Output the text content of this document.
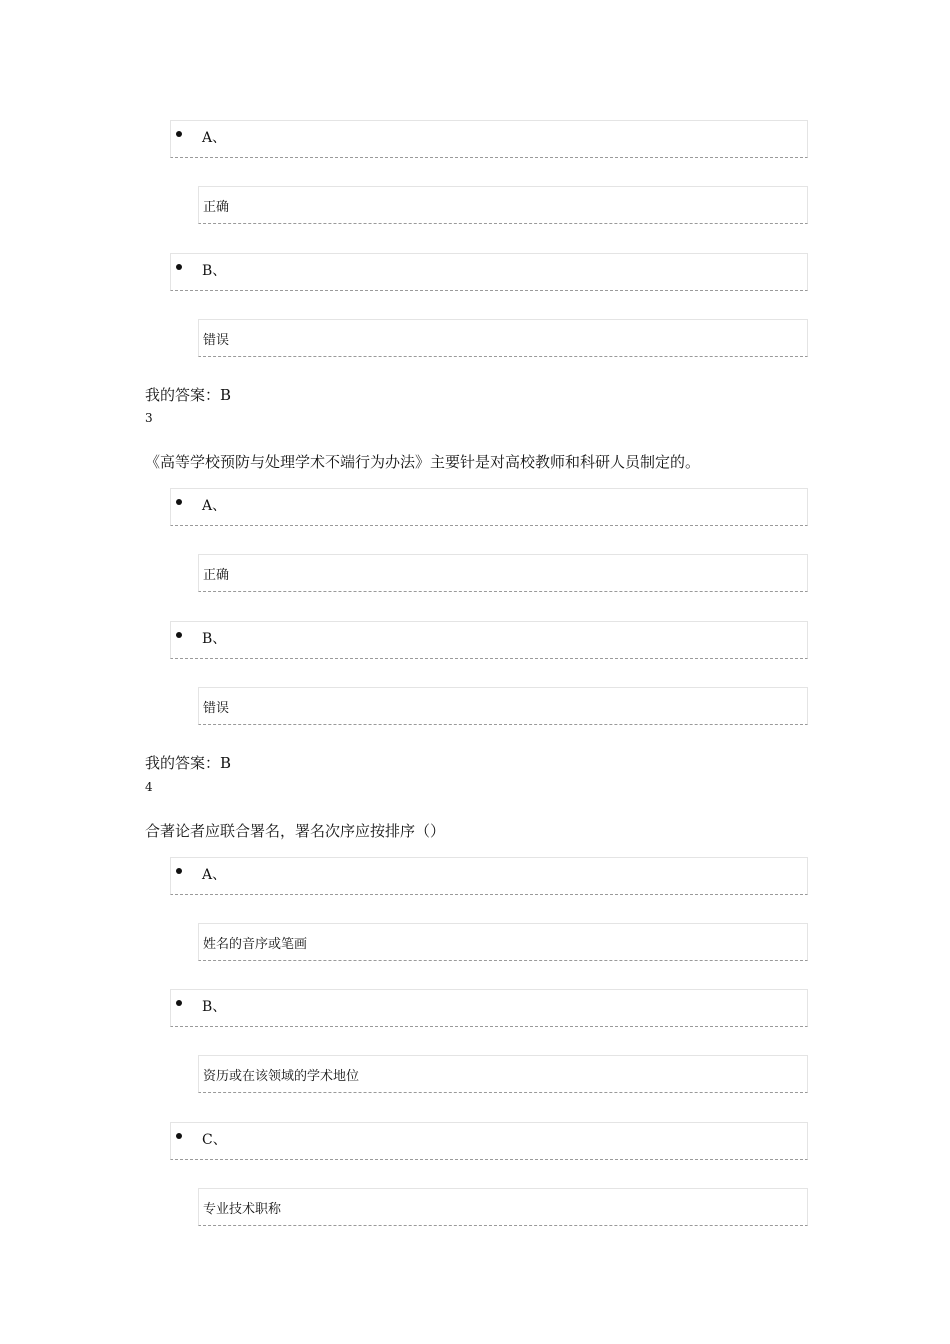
A、
正确
B、
错误
我的答案：B
3
《高等学校预防与处理学术不端行为办法》主要针是对高校教师和科研人员制定的。
A、
正确
B、
错误
我的答案：B
4
合著论者应联合署名，署名次序应按排序（）
A、
姓名的音序或笔画
B、
资历或在该领域的学术地位
C、
专业技术职称
